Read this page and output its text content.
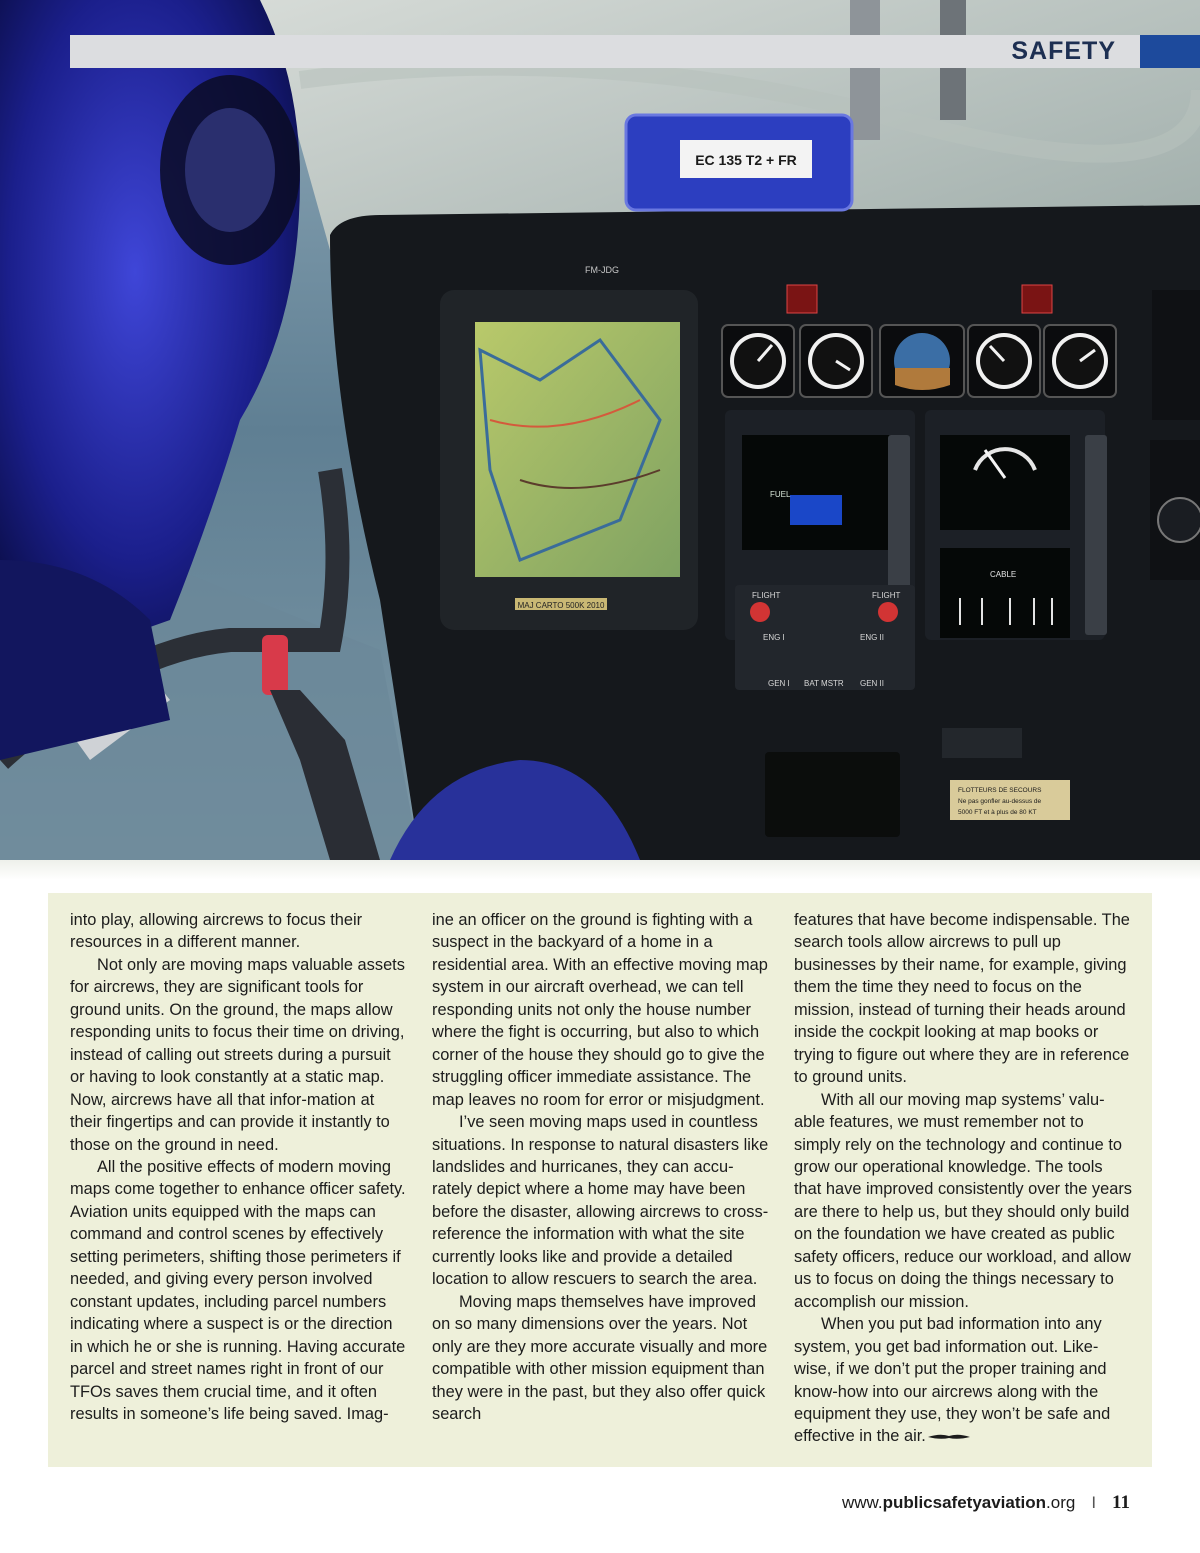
EC 135 T2 + FR
FM-JDG
MAJ CARTO 500K 2010
FUEL
CABLE
FLIGHT	FLIGHT
ENG I	ENG II
GEN I BAT MSTR GEN II
FLOTTEURS DE SECOURS
Ne pas gonfler au-dessus de
5000 FT et à plus de 80 KT
SAFETY

into play, allowing aircrews to focus their resources in a different manner.

Not only are moving maps valuable assets for aircrews, they are significant tools for ground units. On the ground, the maps allow responding units to focus their time on driving, instead of calling out streets during a pursuit or having to look constantly at a static map. Now, aircrews have all that infor-mation at their fingertips and can provide it instantly to those on the ground in need.

All the positive effects of modern moving maps come together to enhance officer safety. Aviation units equipped with the maps can command and control scenes by effectively setting perimeters, shifting those perimeters if needed, and giving every person involved constant updates, including parcel numbers indicating where a suspect is or the direction in which he or she is running. Having accurate parcel and street names right in front of our TFOs saves them crucial time, and it often results in someone’s life being saved. Imag-

ine an officer on the ground is fighting with a suspect in the backyard of a home in a residential area. With an effective moving map system in our aircraft overhead, we can tell responding units not only the house number where the fight is occurring, but also to which corner of the house they should go to give the struggling officer immediate assistance. The map leaves no room for error or misjudgment.

I’ve seen moving maps used in countless situations. In response to natural disasters like landslides and hurricanes, they can accu-rately depict where a home may have been before the disaster, allowing aircrews to cross-reference the information with what the site currently looks like and provide a detailed location to allow rescuers to search the area.

Moving maps themselves have improved on so many dimensions over the years. Not only are they more accurate visually and more compatible with other mission equipment than they were in the past, but they also offer quick search

features that have become indispensable. The search tools allow aircrews to pull up businesses by their name, for example, giving them the time they need to focus on the mission, instead of turning their heads around inside the cockpit looking at map books or trying to figure out where they are in reference to ground units.

With all our moving map systems’ valu-able features, we must remember not to simply rely on the technology and continue to grow our operational knowledge. The tools that have improved consistently over the years are there to help us, but they should only build on the foundation we have created as public safety officers, reduce our workload, and allow us to focus on doing the things necessary to accomplish our mission.

When you put bad information into any system, you get bad information out. Like-wise, if we don’t put the proper training and know-how into our aircrews along with the equipment they use, they won’t be safe and effective in the air.

www.publicsafetyaviation.org I 11
